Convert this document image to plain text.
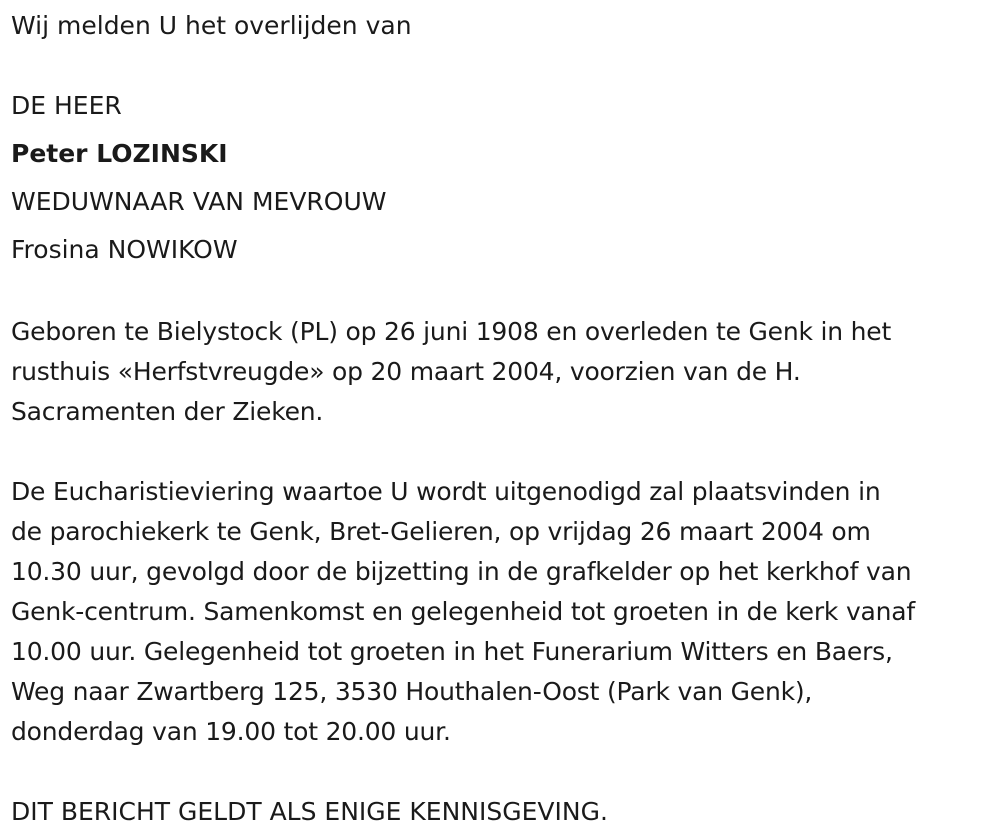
Wij melden U het overlijden van

DE HEER

Peter LOZINSKI

WEDUWNAAR VAN MEVROUW

Frosina NOWIKOW

Geboren te Bielystock (PL) op 26 juni 1908 en overleden te Genk in het
rusthuis «Herfstvreugde» op 20 maart 2004, voorzien van de H.
Sacramenten der Zieken.
De Eucharistieviering waartoe U wordt uitgenodigd zal plaatsvinden in
de parochiekerk te Genk, Bret-Gelieren, op vrijdag 26 maart 2004 om
10.30 uur, gevolgd door de bijzetting in de grafkelder op het kerkhof van
Genk-centrum. Samenkomst en gelegenheid tot groeten in de kerk vanaf
10.00 uur. Gelegenheid tot groeten in het Funerarium Witters en Baers,
Weg naar Zwartberg 125, 3530 Houthalen-Oost (Park van Genk),
donderdag van 19.00 tot 20.00 uur.

DIT BERICHT GELDT ALS ENIGE KENNISGEVING.
